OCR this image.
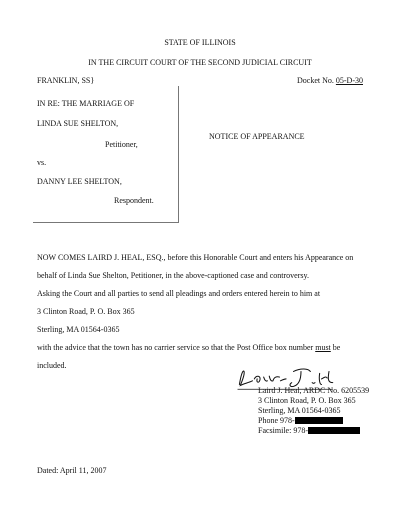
STATE OF ILLINOIS
IN THE CIRCUIT COURT OF THE SECOND JUDICIAL CIRCUIT
FRANKLIN, SS}	Docket No. 05-D-30
IN RE: THE MARRIAGE OF
LINDA SUE SHELTON,
Petitioner,
vs.
DANNY LEE SHELTON,
Respondent.
NOTICE OF APPEARANCE
NOW COMES LAIRD J. HEAL, ESQ., before this Honorable Court and enters his Appearance on
behalf of Linda Sue Shelton, Petitioner, in the above-captioned case and controversy.
Asking the Court and all parties to send all pleadings and orders entered herein to him at
3 Clinton Road, P. O. Box 365
Sterling, MA 01564-0365
with the advice that the town has no carrier service so that the Post Office box number must be
included.
Laird J. Heal, ARDC No. 6205539
3 Clinton Road, P. O. Box 365
Sterling, MA 01564-0365
Phone 978-
Facsimile: 978-
Dated: April 11, 2007
